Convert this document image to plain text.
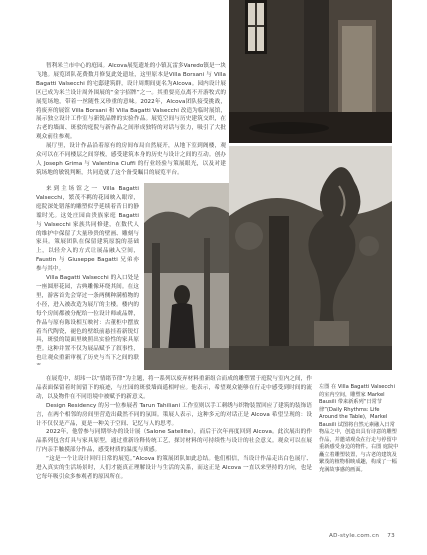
智利米兰市中心的庭园。Alcova展览遗址的小镇瓦雷多Varedo镇是一块飞地。展览团队花费数月修复此处遗址，这里原本是Villa Borsani 与 Villa Bagatti Valsecchi 的宅邸建筑群，设计周期间更名为Alcova。园内设计展区已成为米兰设计周外围展的“金字招牌”之一。其重要亮点离不开游牧式的展览场地，带着一丝随性又珍重的意味。2022年，Alcova团队接受挑战，将废弃的展馆 Villa Borsani 和 Villa Bagatti Valsecchi 改造为临时展馆，展示独立设计工作室与新锐品牌的实验作品。展览空间与历史建筑交织，在古老的墙面、斑驳的庭院与新作品之间形成独特的对话与张力，吸引了大批观众前往参观。

展厅里，设计作品沿着原有的房间布局自然展开，从地下室到阁楼，观众可以在不同楼层之间穿梭，感受建筑本身的历史与设计之间的互动。创办人 Joseph Grima 与 Valentina Ciuffi 的行业经验与策展眼光，以及对建筑场地的敏锐判断，共同造就了这个备受瞩目的展览平台。

来到主场馆之一 Villa Bagatti Valsecchi，繁茂不羁的花园映入眼帘，庭院深处错落的雕塑似乎延续着昔日的静谧时光。这处庄园由贵族家庭 Bagatti 与 Valsecchi 家族共同修建，在数代人的维护中保留了大量珍贵的壁画、雕刻与家具。策展团队在保留建筑原貌的基础上，以轻介入的方式让展品融入空间，Faustin 与 Giuseppe Bagatti 兄弟亦参与其中。

Villa Bagatti Valsecchi 的入口处是一座圆形花园，古典雕像环绕其间。在这里，游客首先会穿过一条两侧种满植物的小径，进入被改造为展厅的主楼。楼内的每个房间都被分配给一位设计师或品牌，作品与原有陈设相互映衬：古董柜中摆放着当代陶瓷，褪色的壁纸前悬挂着新锐灯具，斑驳的镜面里映照出实验性的家具原型。这种并置不仅为展品赋予了叙事性，也让观众重新审视了历史与当下之间的联

在展览中，胡玮一以“情绪节律”为主题，将一系列以废弃材料重新组合而成的雕塑置于庭院与室内之间，作品表面保留着时间留下的痕迹，与庄园的斑驳墙面遥相呼应。他表示，希望观众能够在行走中感受到时间的流动，以及物件在不同语境中被赋予的新意义。

Design Residency 的另一位参展者 Tarun Tahiliani 工作室则以手工刺绣与织物装置回应了建筑的装饰语言，在两个相邻的房间里营造出截然不同的氛围。策展人表示，这种多元的对话正是 Alcova 希望呈现的：设计不仅仅是产品，更是一种关于空间、记忆与人的思考。

2022年，他曾参与同期举办的设计展（Salone Satellite），而后于次年再度回到 Alcova。此次展出的作品系列包含灯具与家具原型，通过重新诠释传统工艺，探讨材料的可持续性与设计的社会意义。观众可以在展厅内亲手触摸部分作品，感受材质的温度与质感。

“这是一个让设计回归日常的展览。”Alcova 的策展团队如此总结。他们相信，当设计作品走出白色展厅、进入真实的生活场景时，人们才能真正理解设计与生活的关系，而这正是 Alcova 一直以来坚持的方向，也是它每年吸引众多参观者的原因所在。

左图 在 Villa Bagatti Valsecchi 的室内空间，雕塑家 Markel Bausili 带来新系列“日常节律”(Daily Rhythms: Life Around the Table)，Markel Bausili 试图将自然元素融入日常物品之中，创造出具有诗意的雕塑作品，并邀请观众在行走与停留中重新感受身边的物件。右图 庭院中矗立着雕塑装置，与古老的建筑及繁茂的植物相映成趣，构成了一幅充满故事感的画面。
AD-style.com.cn 73
